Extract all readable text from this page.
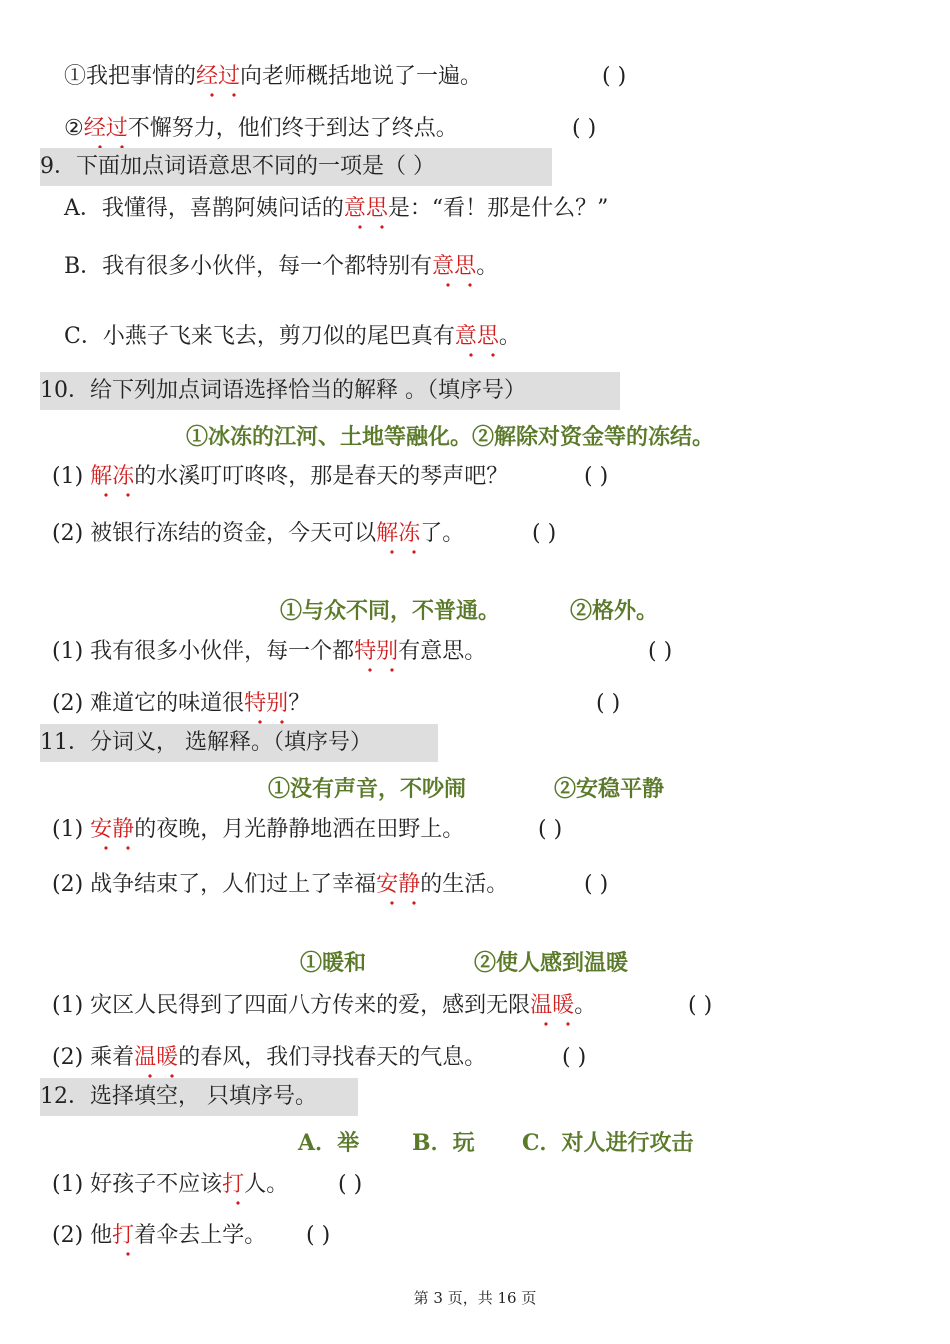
①我把事情的经过向老师概括地说了一遍。	( )
②经过不懈努力，他们终于到达了终点。	( )
9．下面加点词语意思不同的一项是（ ）
A．我懂得，喜鹊阿姨问话的意思是：“看！那是什么？”
B．我有很多小伙伴，每一个都特别有意思。
C．小燕子飞来飞去，剪刀似的尾巴真有意思。
10．给下列加点词语选择恰当的解释 。（填序号）
①冰冻的江河、土地等融化。②解除对资金等的冻结。
(1) 解冻的水溪叮叮咚咚，那是春天的琴声吧？	( )
(2) 被银行冻结的资金，今天可以解冻了。	( )
①与众不同，不普通。	②格外。
(1) 我有很多小伙伴，每一个都特别有意思。	( )
(2) 难道它的味道很特别？	( )
11．分词义， 选解释。（填序号）
①没有声音，不吵闹	②安稳平静
(1) 安静的夜晚，月光静静地洒在田野上。	( )
(2) 战争结束了，人们过上了幸福安静的生活。	( )
①暖和	②使人感到温暖
(1) 灾区人民得到了四面八方传来的爱，感到无限温暖。	( )
(2) 乘着温暖的春风，我们寻找春天的气息。	( )
12．选择填空， 只填序号。
A．举 B．玩 C．对人进行攻击
(1) 好孩子不应该打人。 ( )
(2) 他打着伞去上学。 ( )
第 3 页，共 16 页
